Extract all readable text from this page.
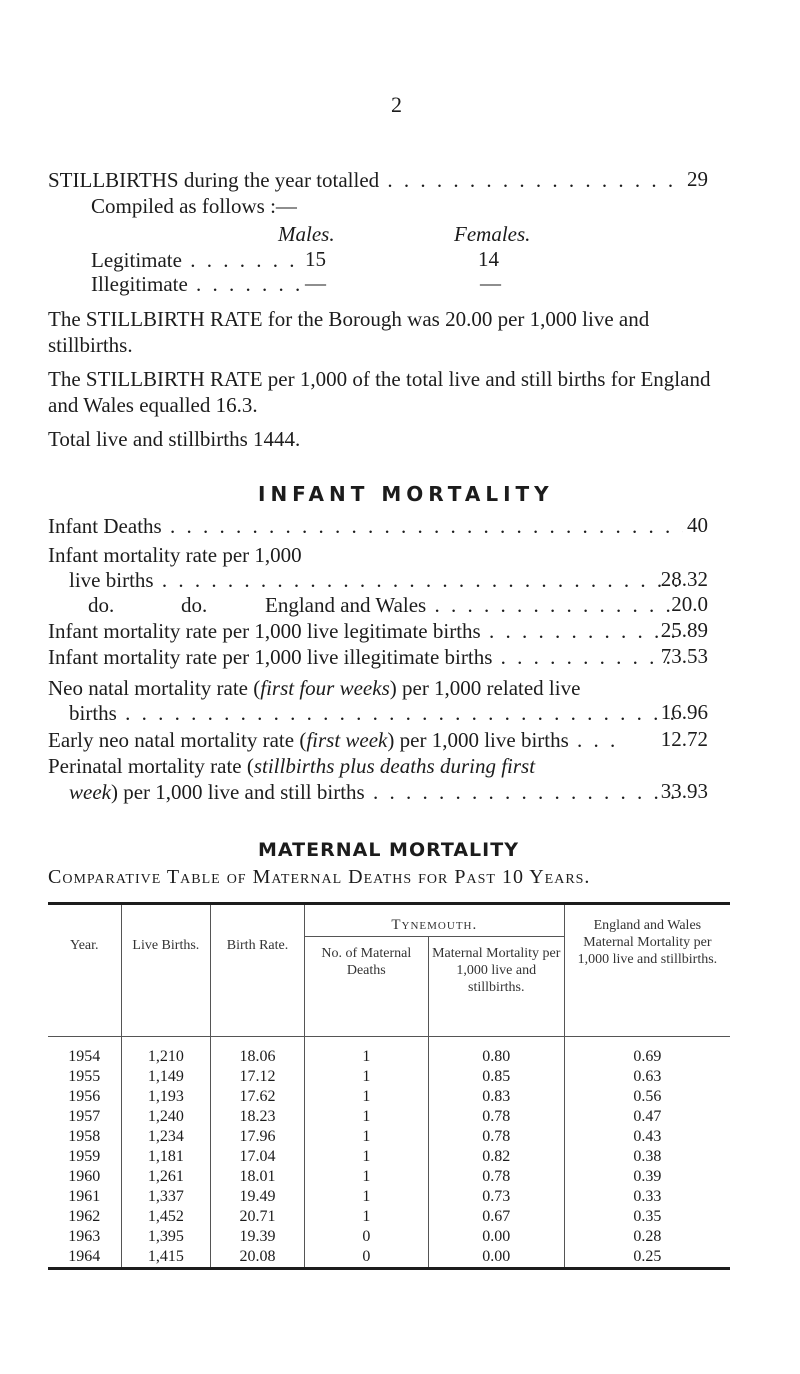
2
STILLBIRTHS during the year totalled . . .	29
Compiled as follows :—
Males.	Females.
Legitimate . . .	15	14
Illegitimate . . .	—	—
The STILLBIRTH RATE for the Borough was 20.00 per 1,000 live and stillbirths.
The STILLBIRTH RATE per 1,000 of the total live and still births for England and Wales equalled 16.3.
Total live and stillbirths 1444.
INFANT MORTALITY
Infant Deaths . . .	40
Infant mortality rate per 1,000
live births . . .	28.32
do.	do.	England and Wales . . .	20.0
Infant mortality rate per 1,000 live legitimate births . . .	25.89
Infant mortality rate per 1,000 live illegitimate births . . .	73.53
Neo natal mortality rate (first four weeks) per 1,000 related live
births . . .	16.96
Early neo natal mortality rate (first week) per 1,000 live births . . . 12.72
Perinatal mortality rate (stillbirths plus deaths during first
week) per 1,000 live and still births . . .	33.93
MATERNAL MORTALITY
Comparative Table of Maternal Deaths for Past 10 Years.
Year.	Live Births.	Birth Rate.	Tynemouth.		England and Wales Maternal Mortality per 1,000 live and stillbirths.
			No. of Maternal Deaths	Maternal Mortality per 1,000 live and stillbirths.	
1954	1,210	18.06	1	0.80	0.69
1955	1,149	17.12	1	0.85	0.63
1956	1,193	17.62	1	0.83	0.56
1957	1,240	18.23	1	0.78	0.47
1958	1,234	17.96	1	0.78	0.43
1959	1,181	17.04	1	0.82	0.38
1960	1,261	18.01	1	0.78	0.39
1961	1,337	19.49	1	0.73	0.33
1962	1,452	20.71	1	0.67	0.35
1963	1,395	19.39	0	0.00	0.28
1964	1,415	20.08	0	0.00	0.25
